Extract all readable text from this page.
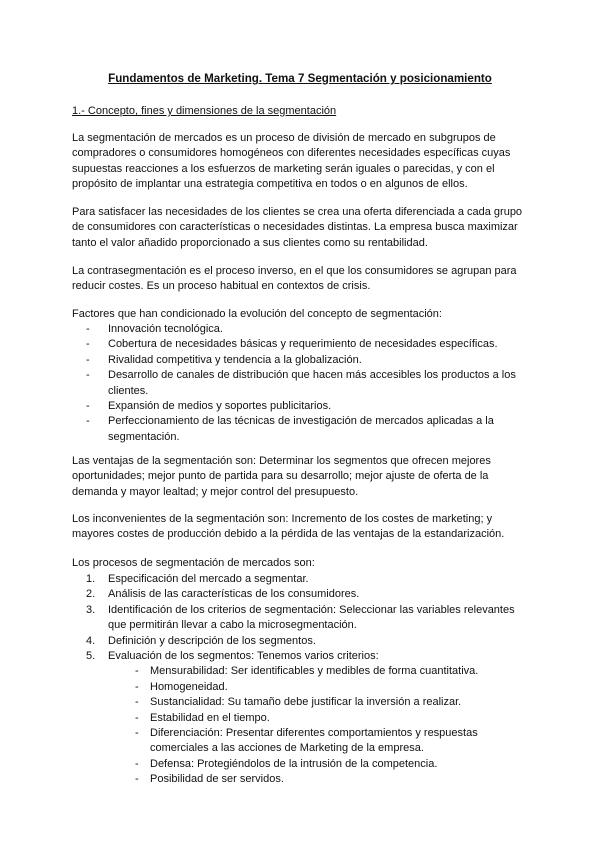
Fundamentos de Marketing. Tema 7 Segmentación y posicionamiento
1.- Concepto, fines y dimensiones de la segmentación

La segmentación de mercados es un proceso de división de mercado en subgrupos de compradores o consumidores homogéneos con diferentes necesidades específicas cuyas supuestas reacciones a los esfuerzos de marketing serán iguales o parecidas, y con el propósito de implantar una estrategia competitiva en todos o en algunos de ellos.

Para satisfacer las necesidades de los clientes se crea una oferta diferenciada a cada grupo de consumidores con características o necesidades distintas. La empresa busca maximizar tanto el valor añadido proporcionado a sus clientes como su rentabilidad.

La contrasegmentación es el proceso inverso, en el que los consumidores se agrupan para reducir costes. Es un proceso habitual en contextos de crisis.

Factores que han condicionado la evolución del concepto de segmentación:

- Innovación tecnológica.
- Cobertura de necesidades básicas y requerimiento de necesidades específicas.
- Rivalidad competitiva y tendencia a la globalización.
- Desarrollo de canales de distribución que hacen más accesibles los productos a los clientes.
- Expansión de medios y soportes publicitarios.
- Perfeccionamiento de las técnicas de investigación de mercados aplicadas a la segmentación.

Las ventajas de la segmentación son: Determinar los segmentos que ofrecen mejores oportunidades; mejor punto de partida para su desarrollo; mejor ajuste de oferta de la demanda y mayor lealtad; y mejor control del presupuesto.

Los inconvenientes de la segmentación son: Incremento de los costes de marketing; y mayores costes de producción debido a la pérdida de las ventajas de la estandarización.

Los procesos de segmentación de mercados son:

1. Especificación del mercado a segmentar.
2. Análisis de las características de los consumidores.
3. Identificación de los criterios de segmentación: Seleccionar las variables relevantes que permitirán llevar a cabo la microsegmentación.
4. Definición y descripción de los segmentos.
5. Evaluación de los segmentos: Tenemos varios criterios:
- Mensurabilidad: Ser identificables y medibles de forma cuantitativa.
- Homogeneidad.
- Sustancialidad: Su tamaño debe justificar la inversión a realizar.
- Estabilidad en el tiempo.
- Diferenciación: Presentar diferentes comportamientos y respuestas comerciales a las acciones de Marketing de la empresa.
- Defensa: Protegiéndolos de la intrusión de la competencia.
- Posibilidad de ser servidos.
